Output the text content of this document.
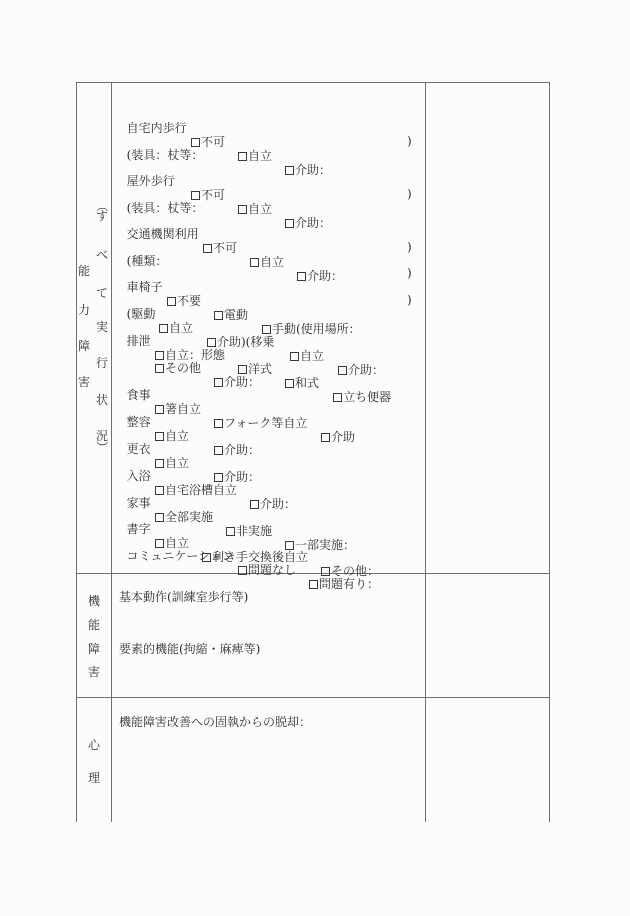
能
力
障
害
（
す
べ
て
実
行
状
況
）

自宅内歩行

不可

自立

介助：

(装具：杖等：

)

屋外歩行

不可

自立

介助：

(装具：杖等：

)

交通機関利用

不可

自立

介助：

(種類：

)

車椅子

不要

電動

手動(使用場所：

)

(駆動

自立

介助)(移乗

自立

介助：

)

排泄

自立：形態

洋式

和式

立ち便器

その他

介助：

食事

箸自立

フォーク等自立

介助

整容

自立

介助：

更衣

自立

介助：

入浴

自宅浴槽自立

介助：

家事

全部実施

非実施

一部実施：

書字

自立

利き手交換後自立

その他：

コミュニケーション

問題なし

問題有り：

機
能
障
害
基本動作(訓練室歩行等)
要素的機能(拘縮・麻痺等)
心
理
機能障害改善への固執からの脱却：
